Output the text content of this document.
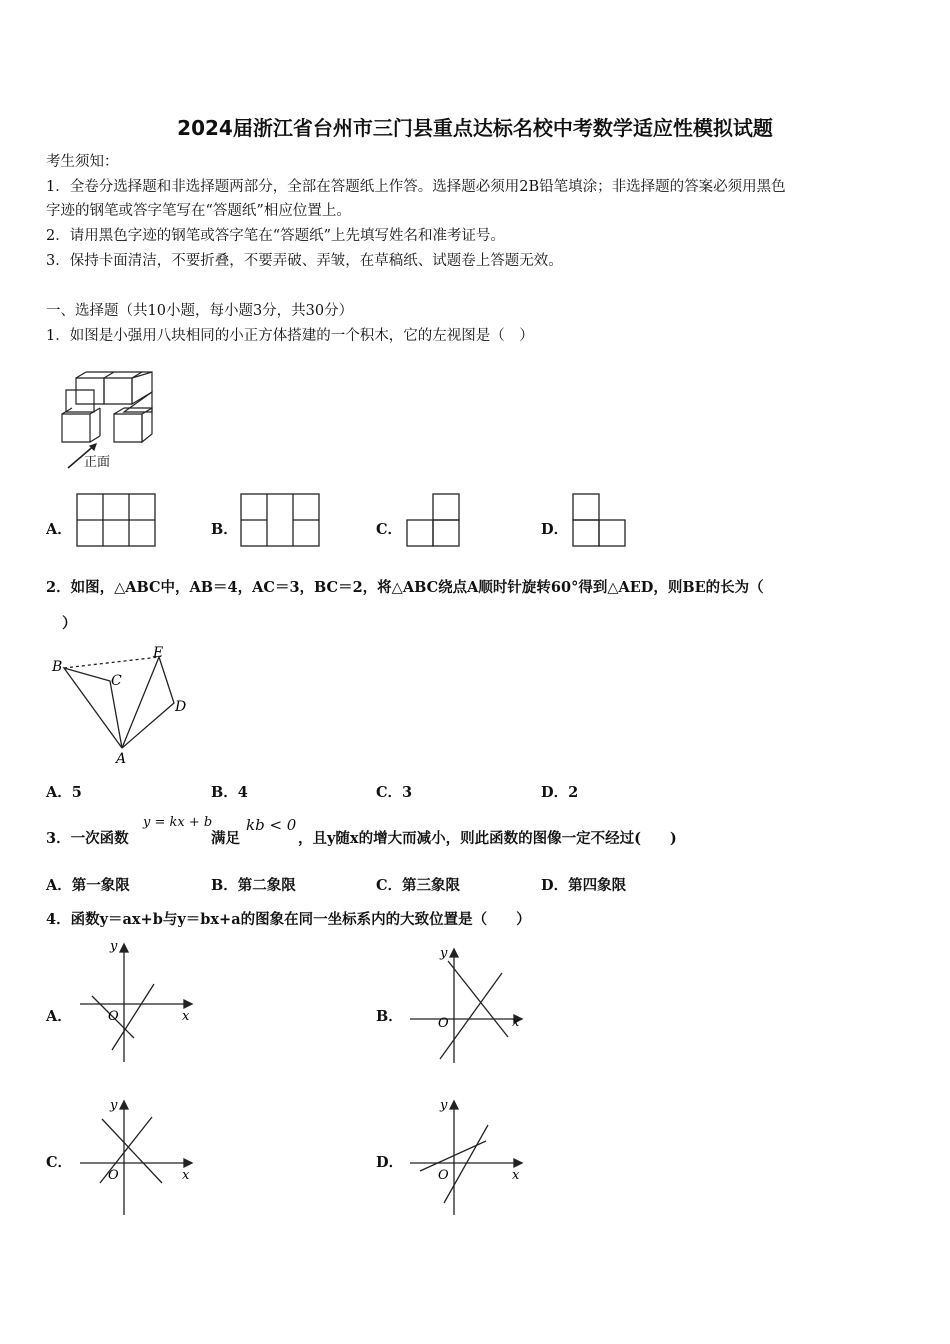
2024届浙江省台州市三门县重点达标名校中考数学适应性模拟试题
考生须知：
1．全卷分选择题和非选择题两部分，全部在答题纸上作答。选择题必须用2B铅笔填涂；非选择题的答案必须用黑色
字迹的钢笔或答字笔写在“答题纸”相应位置上。
2．请用黑色字迹的钢笔或答字笔在“答题纸”上先填写姓名和准考证号。
3．保持卡面清洁，不要折叠，不要弄破、弄皱，在草稿纸、试题卷上答题无效。
一、选择题（共10小题，每小题3分，共30分）
1．如图是小强用八块相同的小正方体搭建的一个积木，它的左视图是（　）
正面
A．	B．	C．	D．
2．如图，△ABC中，AB＝4，AC＝3，BC＝2，将△ABC绕点A顺时针旋转60°得到△AED，则BE的长为（
）
B
C
E
D
A
A．5	B．4	C．3	D．2
3．一次函数
y = kx + b
满足
kb < 0
，且y随x的增大而减小，则此函数的图像一定不经过(　　)
A．第一象限	B．第二象限	C．第三象限	D．第四象限
4．函数y＝ax+b与y＝bx+a的图象在同一坐标系内的大致位置是（　　）
A．
y
x
O	B．
y
x
O
C．
y
x
O
D．
y
x
O
